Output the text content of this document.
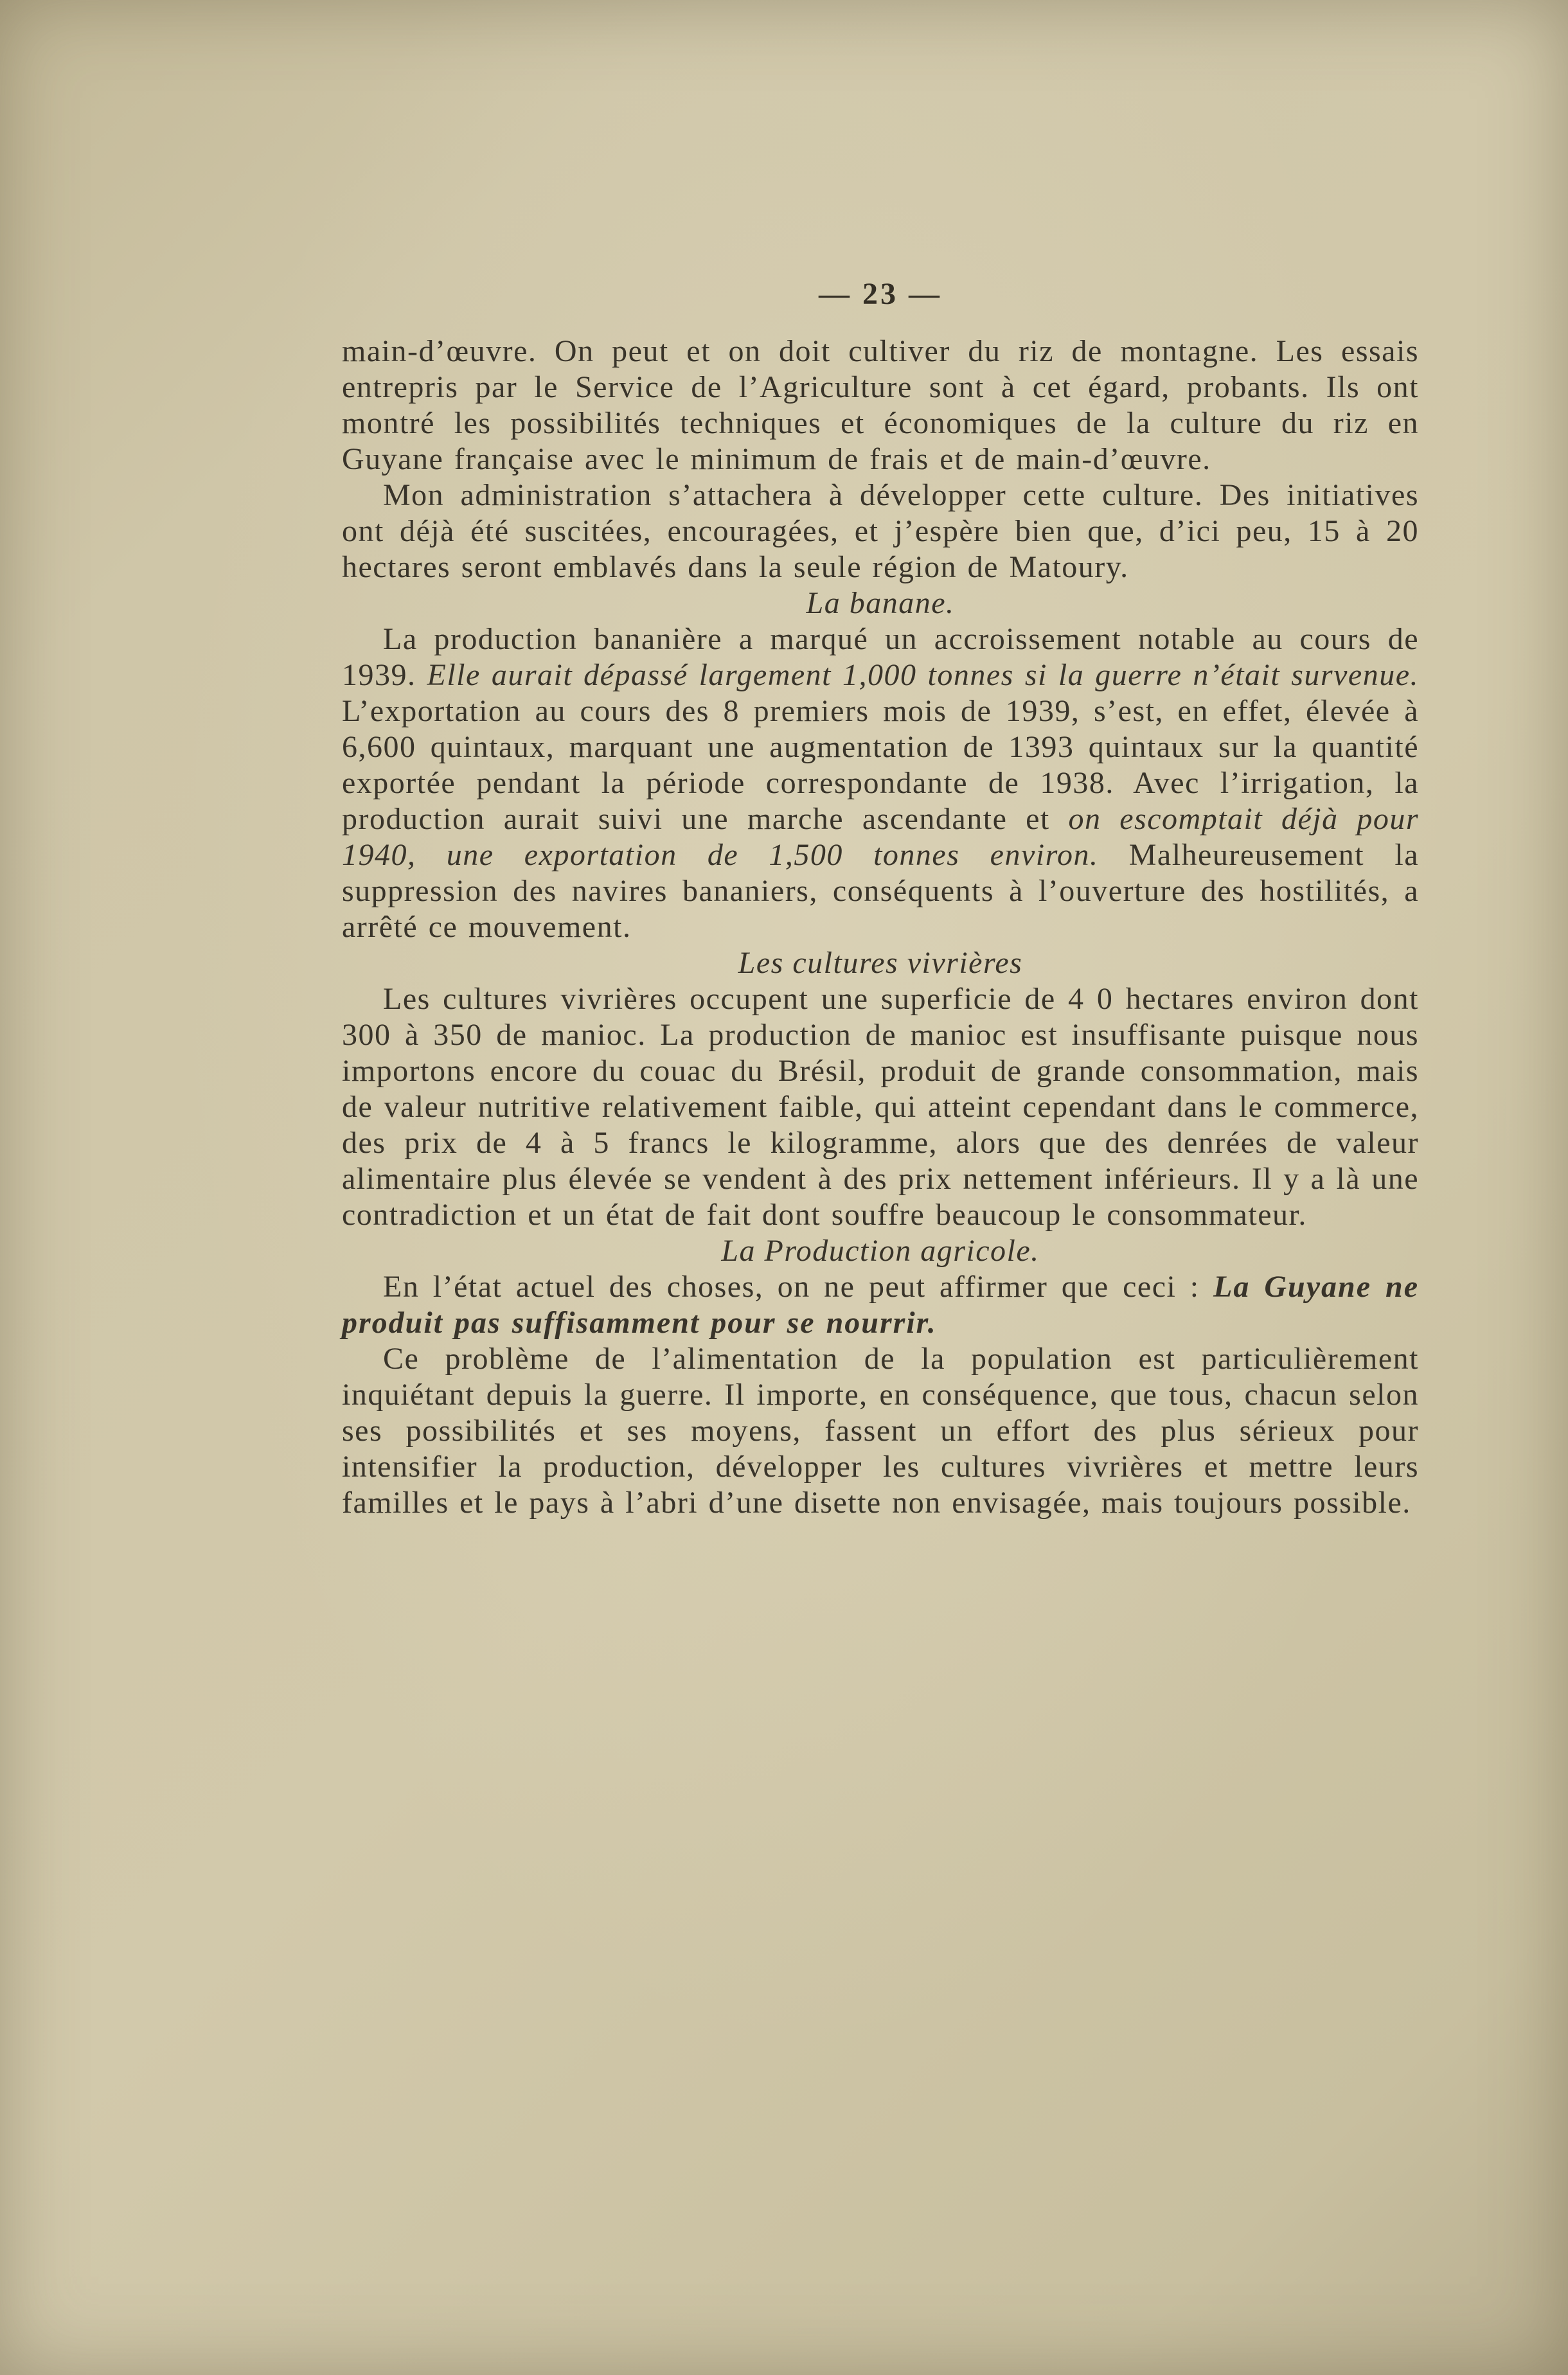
— 23 —

main-d’œuvre. On peut et on doit cultiver du riz de montagne. Les essais entrepris par le Service de l’Agriculture sont à cet égard, probants. Ils ont montré les possibilités techniques et économiques de la culture du riz en Guyane française avec le minimum de frais et de main-d’œuvre.

Mon administration s’attachera à développer cette culture. Des initiatives ont déjà été suscitées, encouragées, et j’espère bien que, d’ici peu, 15 à 20 hectares seront emblavés dans la seule région de Matoury.

La banane.

La production bananière a marqué un accroissement notable au cours de 1939. Elle aurait dépassé largement 1,000 tonnes si la guerre n’était survenue. L’exportation au cours des 8 premiers mois de 1939, s’est, en effet, élevée à 6,600 quintaux, marquant une augmentation de 1393 quintaux sur la quantité exportée pendant la période correspondante de 1938. Avec l’irrigation, la production aurait suivi une marche ascendante et on escomptait déjà pour 1940, une exportation de 1,500 tonnes environ. Malheureusement la suppression des navires bananiers, conséquents à l’ouverture des hostilités, a arrêté ce mouvement.

Les cultures vivrières

Les cultures vivrières occupent une superficie de 4 0 hectares environ dont 300 à 350 de manioc. La production de manioc est insuffisante puisque nous importons encore du couac du Brésil, produit de grande consommation, mais de valeur nutritive relativement faible, qui atteint cependant dans le commerce, des prix de 4 à 5 francs le kilogramme, alors que des denrées de valeur alimentaire plus élevée se vendent à des prix nettement inférieurs. Il y a là une contradiction et un état de fait dont souffre beaucoup le consommateur.

La Production agricole.

En l’état actuel des choses, on ne peut affirmer que ceci : La Guyane ne produit pas suffisamment pour se nourrir.

Ce problème de l’alimentation de la population est particulièrement inquiétant depuis la guerre. Il importe, en conséquence, que tous, chacun selon ses possibilités et ses moyens, fassent un effort des plus sérieux pour intensifier la production, développer les cultures vivrières et mettre leurs familles et le pays à l’abri d’une disette non envisagée, mais toujours possible.
